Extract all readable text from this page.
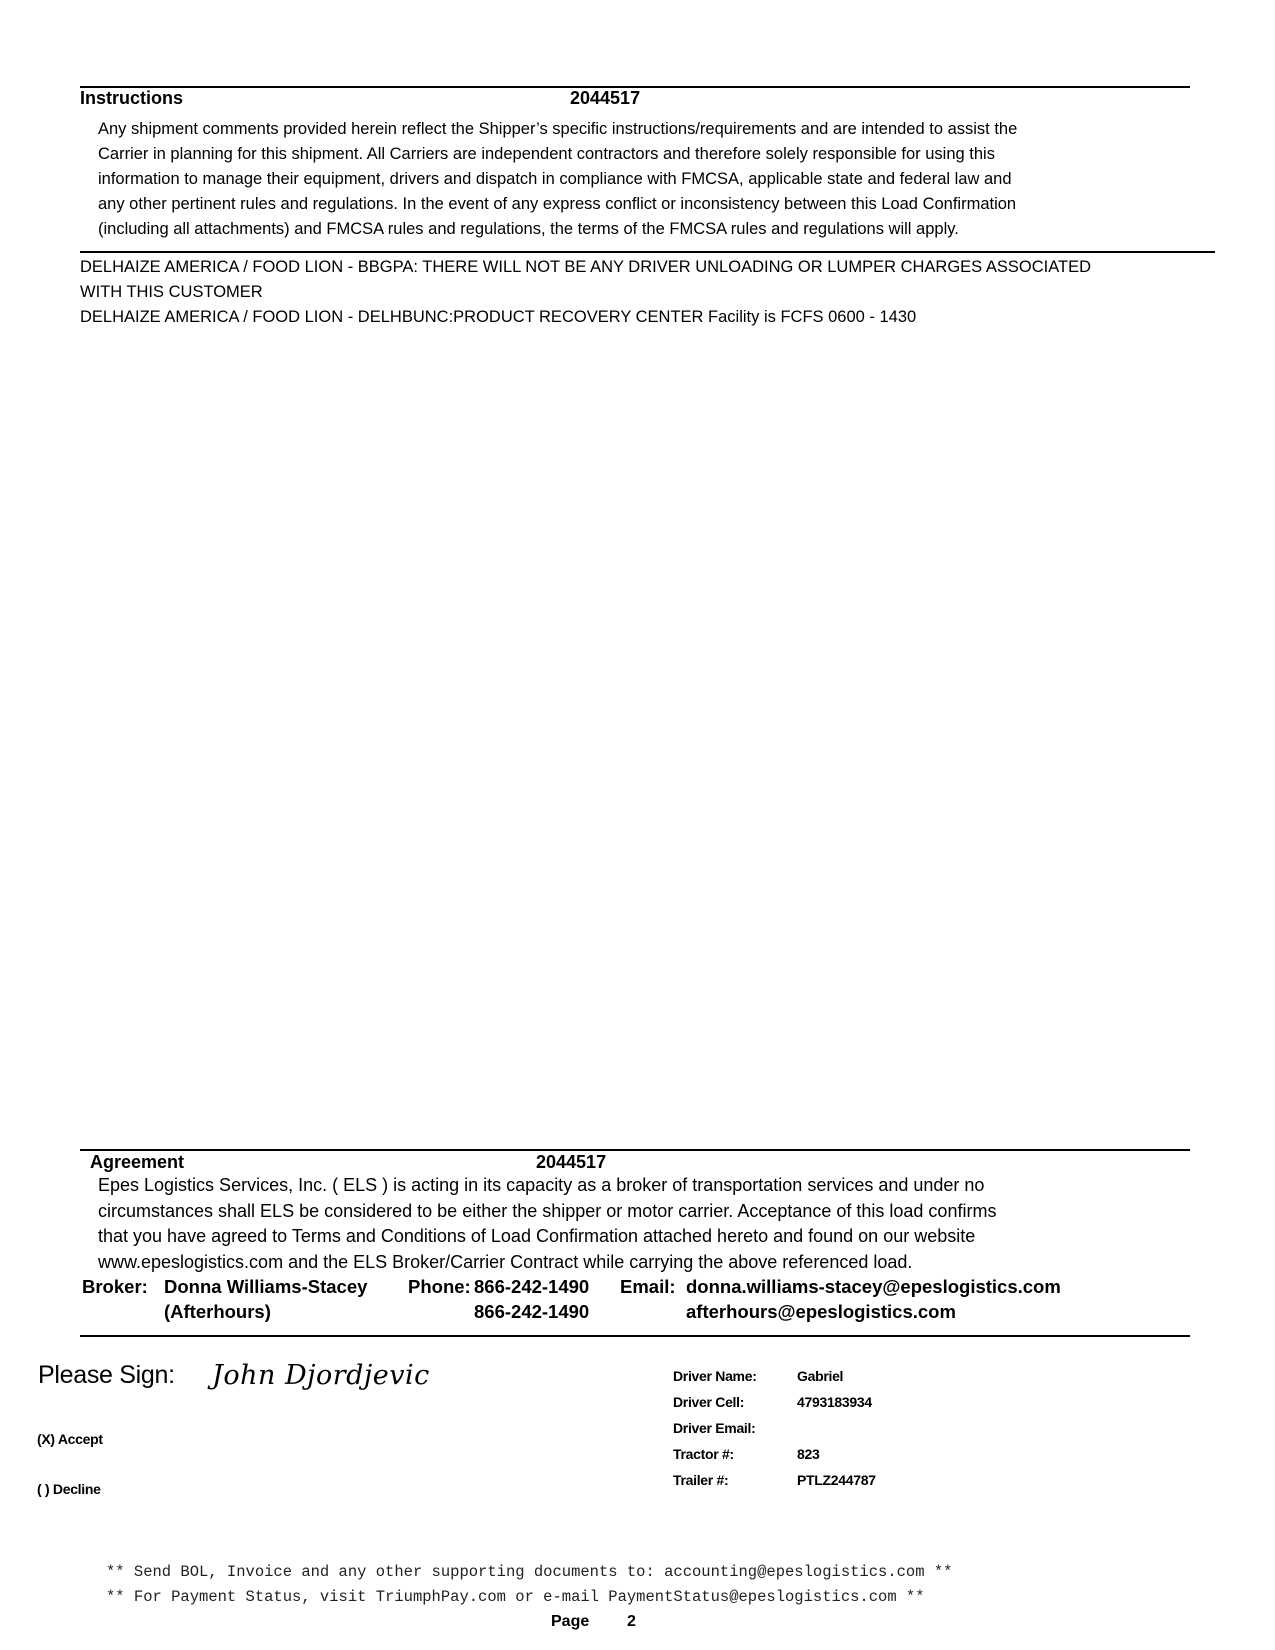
Instructions	2044517
Any shipment comments provided herein reflect the Shipper’s specific instructions/requirements and are intended to assist the
Carrier in planning for this shipment. All Carriers are independent contractors and therefore solely responsible for using this
information to manage their equipment, drivers and dispatch in compliance with FMCSA, applicable state and federal law and
any other pertinent rules and regulations. In the event of any express conflict or inconsistency between this Load Confirmation
(including all attachments) and FMCSA rules and regulations, the terms of the FMCSA rules and regulations will apply.
DELHAIZE AMERICA / FOOD LION - BBGPA: THERE WILL NOT BE ANY DRIVER UNLOADING OR LUMPER CHARGES ASSOCIATED
WITH THIS CUSTOMER
DELHAIZE AMERICA / FOOD LION - DELHBUNC:PRODUCT RECOVERY CENTER Facility is FCFS 0600 - 1430
Agreement	2044517
Epes Logistics Services, Inc. ( ELS ) is acting in its capacity as a broker of transportation services and under no
circumstances shall ELS be considered to be either the shipper or motor carrier. Acceptance of this load confirms
that you have agreed to Terms and Conditions of Load Confirmation attached hereto and found on our website
www.epeslogistics.com and the ELS Broker/Carrier Contract while carrying the above referenced load.
Broker: Donna Williams-Stacey Phone: 866-242-1490 Email: donna.williams-stacey@epeslogistics.com
(Afterhours)	866-242-1490	afterhours@epeslogistics.com
Please Sign: John Djordjevic
(X) Accept
( ) Decline
Driver Name:	Gabriel
Driver Cell:	4793183934
Driver Email:
Tractor #:	823
Trailer #:	PTLZ244787
** Send BOL, Invoice and any other supporting documents to: accounting@epeslogistics.com **
** For Payment Status, visit TriumphPay.com or e-mail PaymentStatus@epeslogistics.com **
Page 2
